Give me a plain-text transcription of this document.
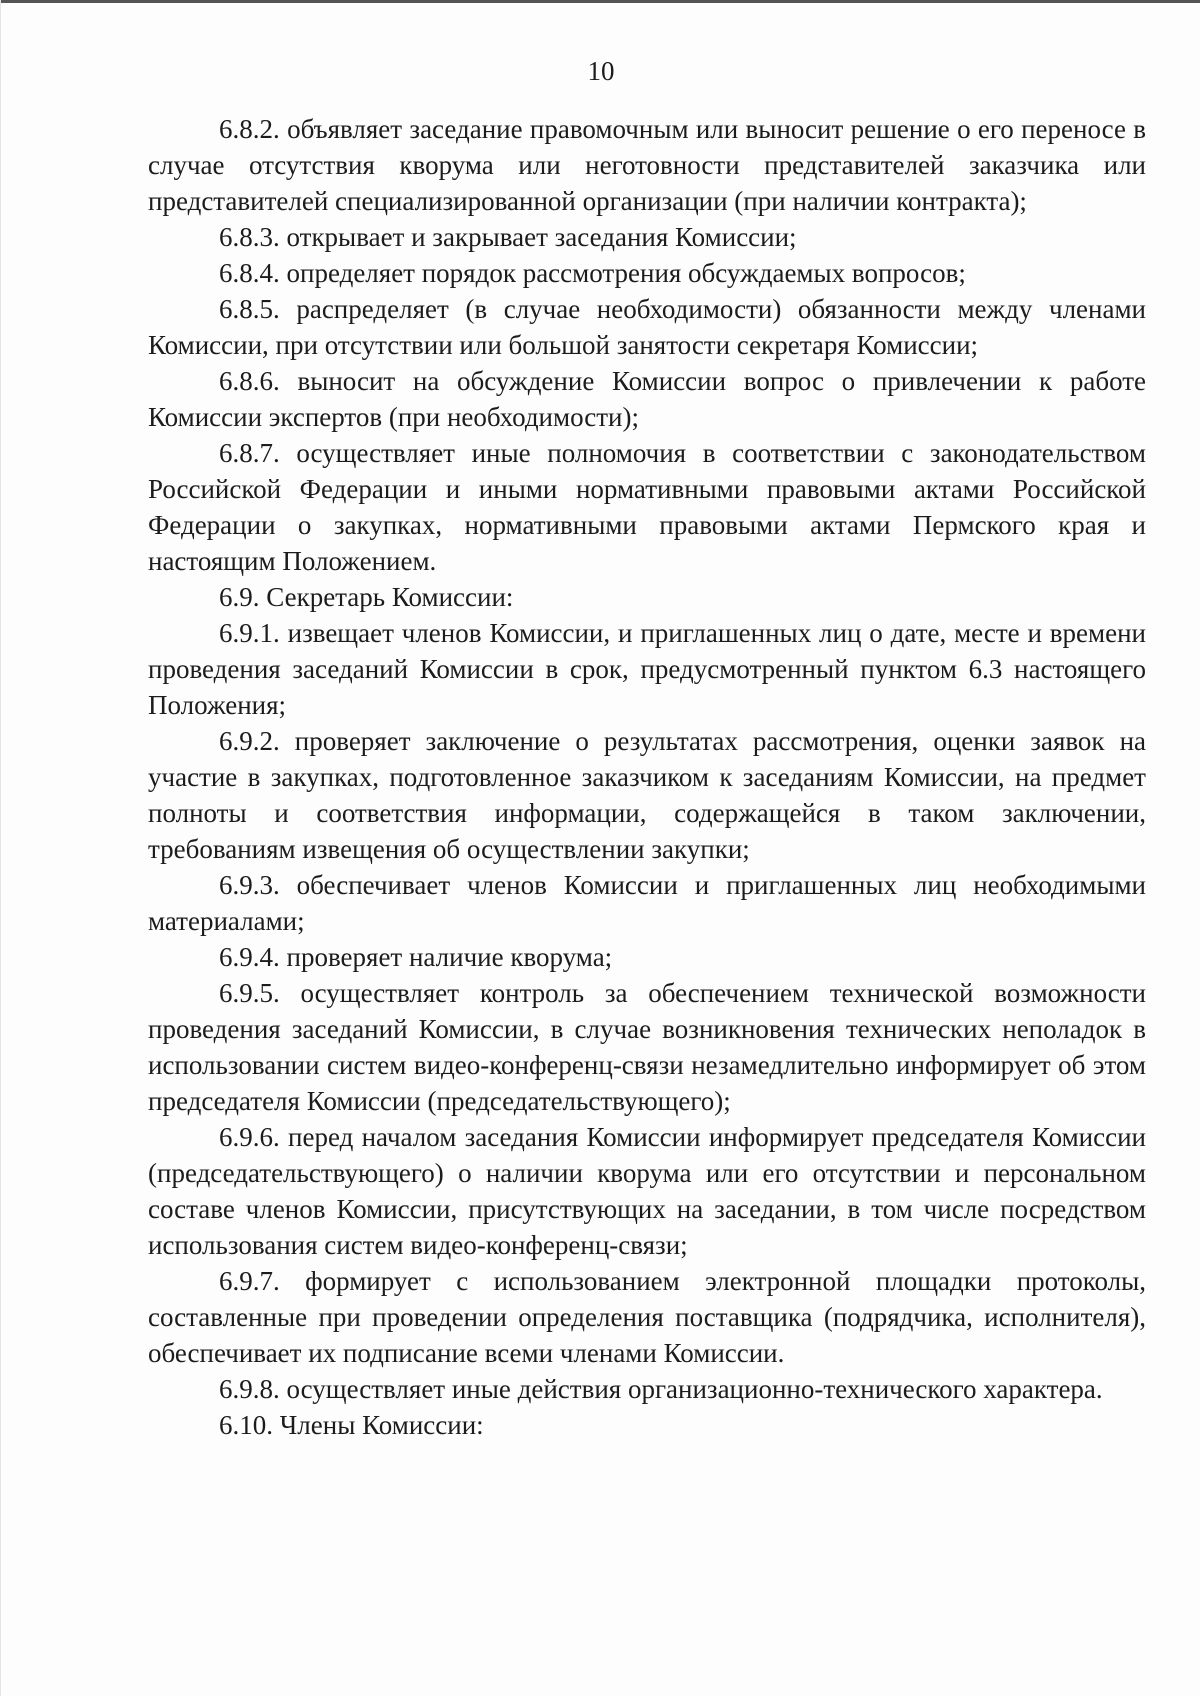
10

6.8.2. объявляет заседание правомочным или выносит решение о его переносе в случае отсутствия кворума или неготовности представителей заказчика или представителей специализированной организации (при наличии контракта);

6.8.3. открывает и закрывает заседания Комиссии;

6.8.4. определяет порядок рассмотрения обсуждаемых вопросов;

6.8.5. распределяет (в случае необходимости) обязанности между членами Комиссии, при отсутствии или большой занятости секретаря Комиссии;

6.8.6. выносит на обсуждение Комиссии вопрос о привлечении к работе Комиссии экспертов (при необходимости);

6.8.7. осуществляет иные полномочия в соответствии с законодательством Российской Федерации и иными нормативными правовыми актами Российской Федерации о закупках, нормативными правовыми актами Пермского края и настоящим Положением.

6.9. Секретарь Комиссии:

6.9.1. извещает членов Комиссии, и приглашенных лиц о дате, месте и времени проведения заседаний Комиссии в срок, предусмотренный пунктом 6.3 настоящего Положения;

6.9.2. проверяет заключение о результатах рассмотрения, оценки заявок на участие в закупках, подготовленное заказчиком к заседаниям Комиссии, на предмет полноты и соответствия информации, содержащейся в таком заключении, требованиям извещения об осуществлении закупки;

6.9.3. обеспечивает членов Комиссии и приглашенных лиц необходимыми материалами;

6.9.4. проверяет наличие кворума;

6.9.5. осуществляет контроль за обеспечением технической возможности проведения заседаний Комиссии, в случае возникновения технических неполадок в использовании систем видео-конференц-связи незамедлительно информирует об этом председателя Комиссии (председательствующего);

6.9.6. перед началом заседания Комиссии информирует председателя Комиссии (председательствующего) о наличии кворума или его отсутствии и персональном составе членов Комиссии, присутствующих на заседании, в том числе посредством использования систем видео-конференц-связи;

6.9.7. формирует с использованием электронной площадки протоколы, составленные при проведении определения поставщика (подрядчика, исполнителя), обеспечивает их подписание всеми членами Комиссии.

6.9.8. осуществляет иные действия организационно-технического характера.

6.10. Члены Комиссии:
